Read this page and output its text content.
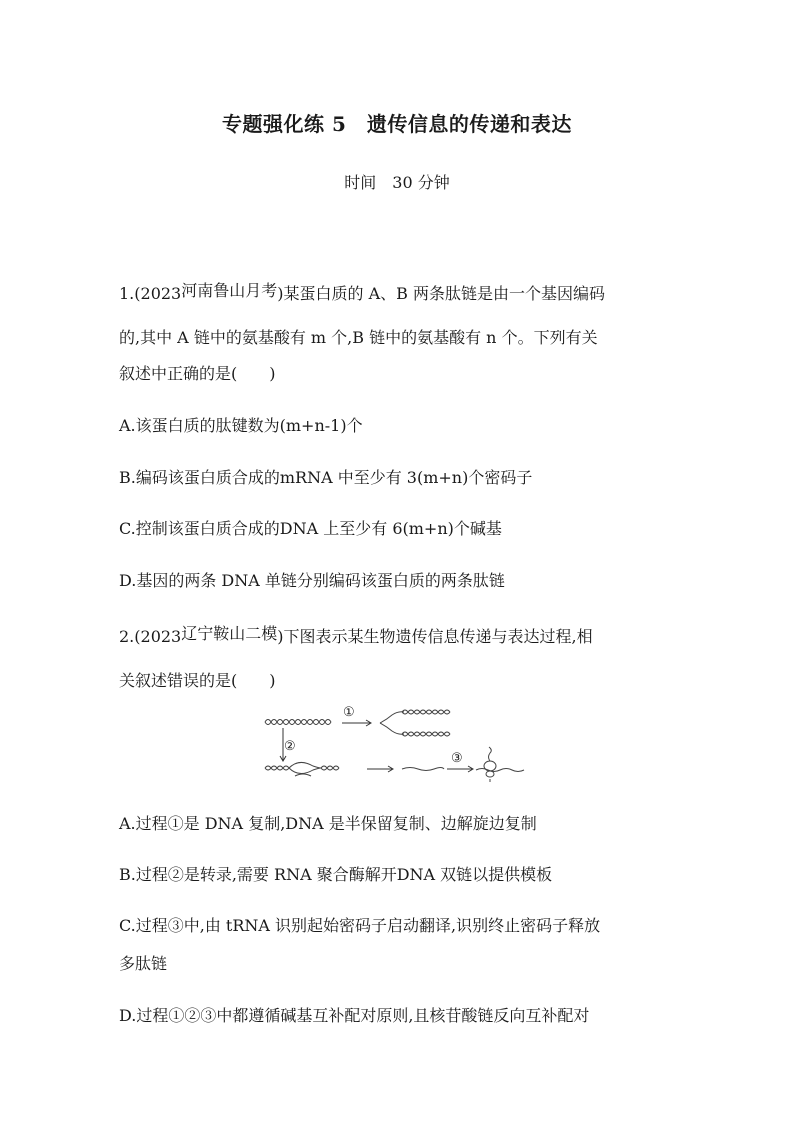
专题强化练 5　遗传信息的传递和表达
时间　30 分钟
1.(2023河南鲁山月考)某蛋白质的 A、B 两条肽链是由一个基因编码
的,其中 A 链中的氨基酸有 m 个,B 链中的氨基酸有 n 个。下列有关
叙述中正确的是(　　)
A.该蛋白质的肽键数为(m+n-1)个
B.编码该蛋白质合成的mRNA 中至少有 3(m+n)个密码子
C.控制该蛋白质合成的DNA 上至少有 6(m+n)个碱基
D.基因的两条 DNA 单链分别编码该蛋白质的两条肽链
2.(2023辽宁鞍山二模)下图表示某生物遗传信息传递与表达过程,相
关叙述错误的是(　　)
①
②
③
A.过程①是 DNA 复制,DNA 是半保留复制、边解旋边复制
B.过程②是转录,需要 RNA 聚合酶解开DNA 双链以提供模板
C.过程③中,由 tRNA 识别起始密码子启动翻译,识别终止密码子释放
多肽链
D.过程①②③中都遵循碱基互补配对原则,且核苷酸链反向互补配对
